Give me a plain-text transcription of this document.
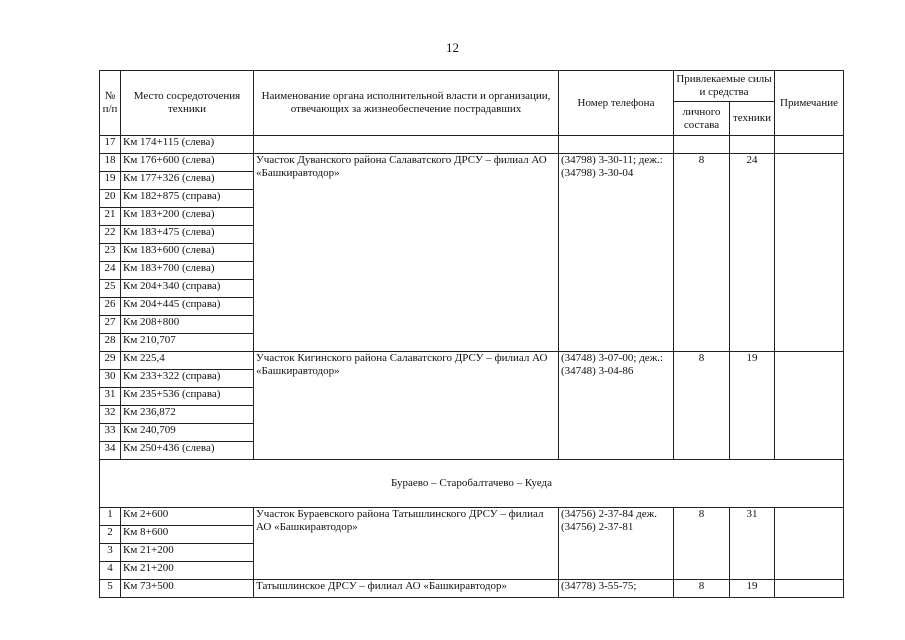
12
№ п/п	Место сосредоточения техники	Наименование органа исполнительной власти и организации, отвечающих за жизнеобеспечение пострадавших	Номер телефона	Привлекаемые силы и средства		Примечание
				личного состава	техники	
17	Км 174+115 (слева)					
18	Км 176+600 (слева)	Участок Дуванского района Салаватского ДРСУ – филиал АО «Башкиравтодор»	(34798) 3-30-11; деж.: (34798) 3-30-04	8	24	
19	Км 177+326 (слева)					
20	Км 182+875 (справа)					
21	Км 183+200 (слева)					
22	Км 183+475 (слева)					
23	Км 183+600 (слева)					
24	Км 183+700 (слева)					
25	Км 204+340 (справа)					
26	Км 204+445 (справа)					
27	Км 208+800					
28	Км 210,707					
29	Км 225,4	Участок Кигинского района Салаватского ДРСУ – филиал АО «Башкиравтодор»	(34748) 3-07-00; деж.: (34748) 3-04-86	8	19	
30	Км 233+322 (справа)					
31	Км 235+536 (справа)					
32	Км 236,872					
33	Км 240,709					
34	Км 250+436 (слева)					
Бураево – Старобалтачево – Куеда						
1	Км 2+600	Участок Бураевского района Татышлинского ДРСУ – филиал АО «Башкиравтодор»	(34756) 2-37-84 деж. (34756) 2-37-81	8	31	
2	Км 8+600					
3	Км 21+200					
4	Км 21+200					
5	Км 73+500	Татышлинское ДРСУ – филиал АО «Башкиравтодор»	(34778) 3-55-75;	8	19	
